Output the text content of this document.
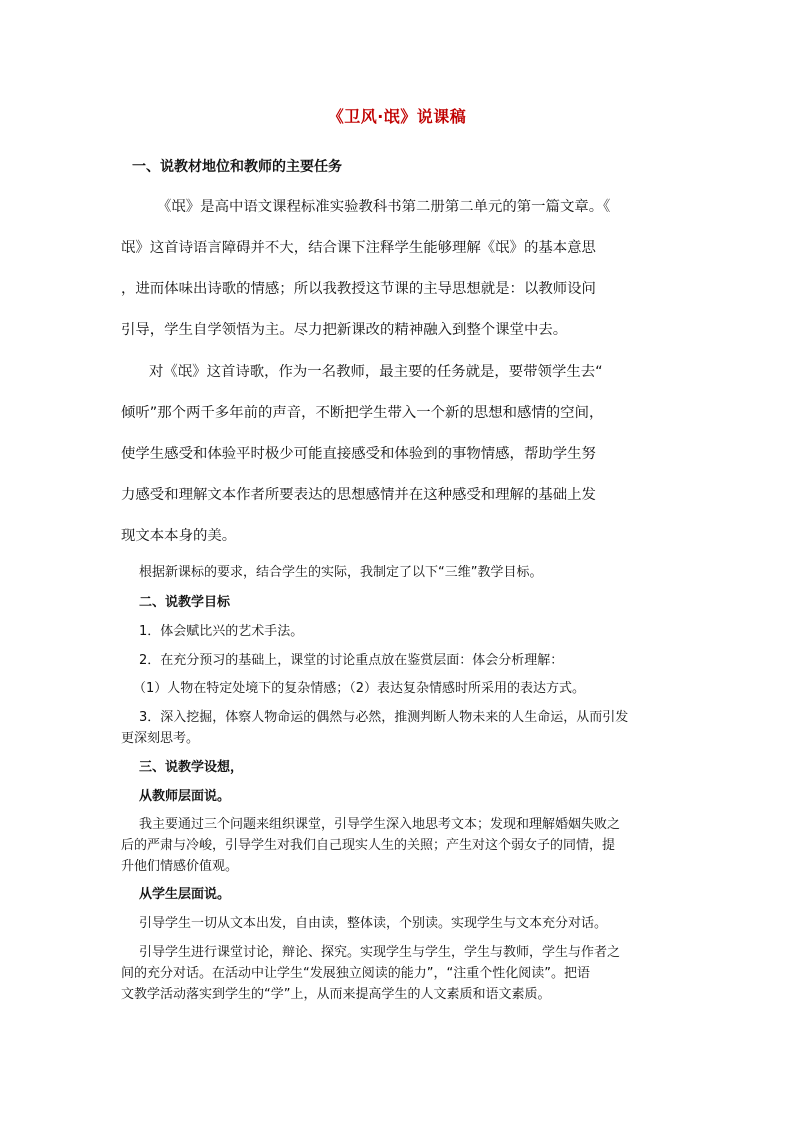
《卫风·氓》说课稿
一、说教材地位和教师的主要任务

《氓》是高中语文课程标准实验教科书第二册第二单元的第一篇文章。《

氓》这首诗语言障碍并不大，结合课下注释学生能够理解《氓》的基本意思

，进而体味出诗歌的情感；所以我教授这节课的主导思想就是：以教师设问

引导，学生自学领悟为主。尽力把新课改的精神融入到整个课堂中去。

对《氓》这首诗歌，作为一名教师，最主要的任务就是，要带领学生去“

倾听”那个两千多年前的声音，不断把学生带入一个新的思想和感情的空间，

使学生感受和体验平时极少可能直接感受和体验到的事物情感，帮助学生努

力感受和理解文本作者所要表达的思想感情并在这种感受和理解的基础上发

现文本本身的美。

根据新课标的要求，结合学生的实际，我制定了以下“三维”教学目标。

二、说教学目标

1．体会赋比兴的艺术手法。

2．在充分预习的基础上，课堂的讨论重点放在鉴赏层面：体会分析理解：

（1）人物在特定处境下的复杂情感；（2）表达复杂情感时所采用的表达方式。

3．深入挖掘，体察人物命运的偶然与必然，推测判断人物未来的人生命运，从而引发

更深刻思考。

三、说教学设想，
从教师层面说。

我主要通过三个问题来组织课堂，引导学生深入地思考文本；发现和理解婚姻失败之

后的严肃与冷峻，引导学生对我们自己现实人生的关照；产生对这个弱女子的同情，提

升他们情感价值观。

从学生层面说。

引导学生一切从文本出发，自由读，整体读，个别读。实现学生与文本充分对话。

引导学生进行课堂讨论，辩论、探究。实现学生与学生，学生与教师，学生与作者之

间的充分对话。在活动中让学生“发展独立阅读的能力”，“注重个性化阅读”。把语

文教学活动落实到学生的“学”上，从而来提高学生的人文素质和语文素质。
